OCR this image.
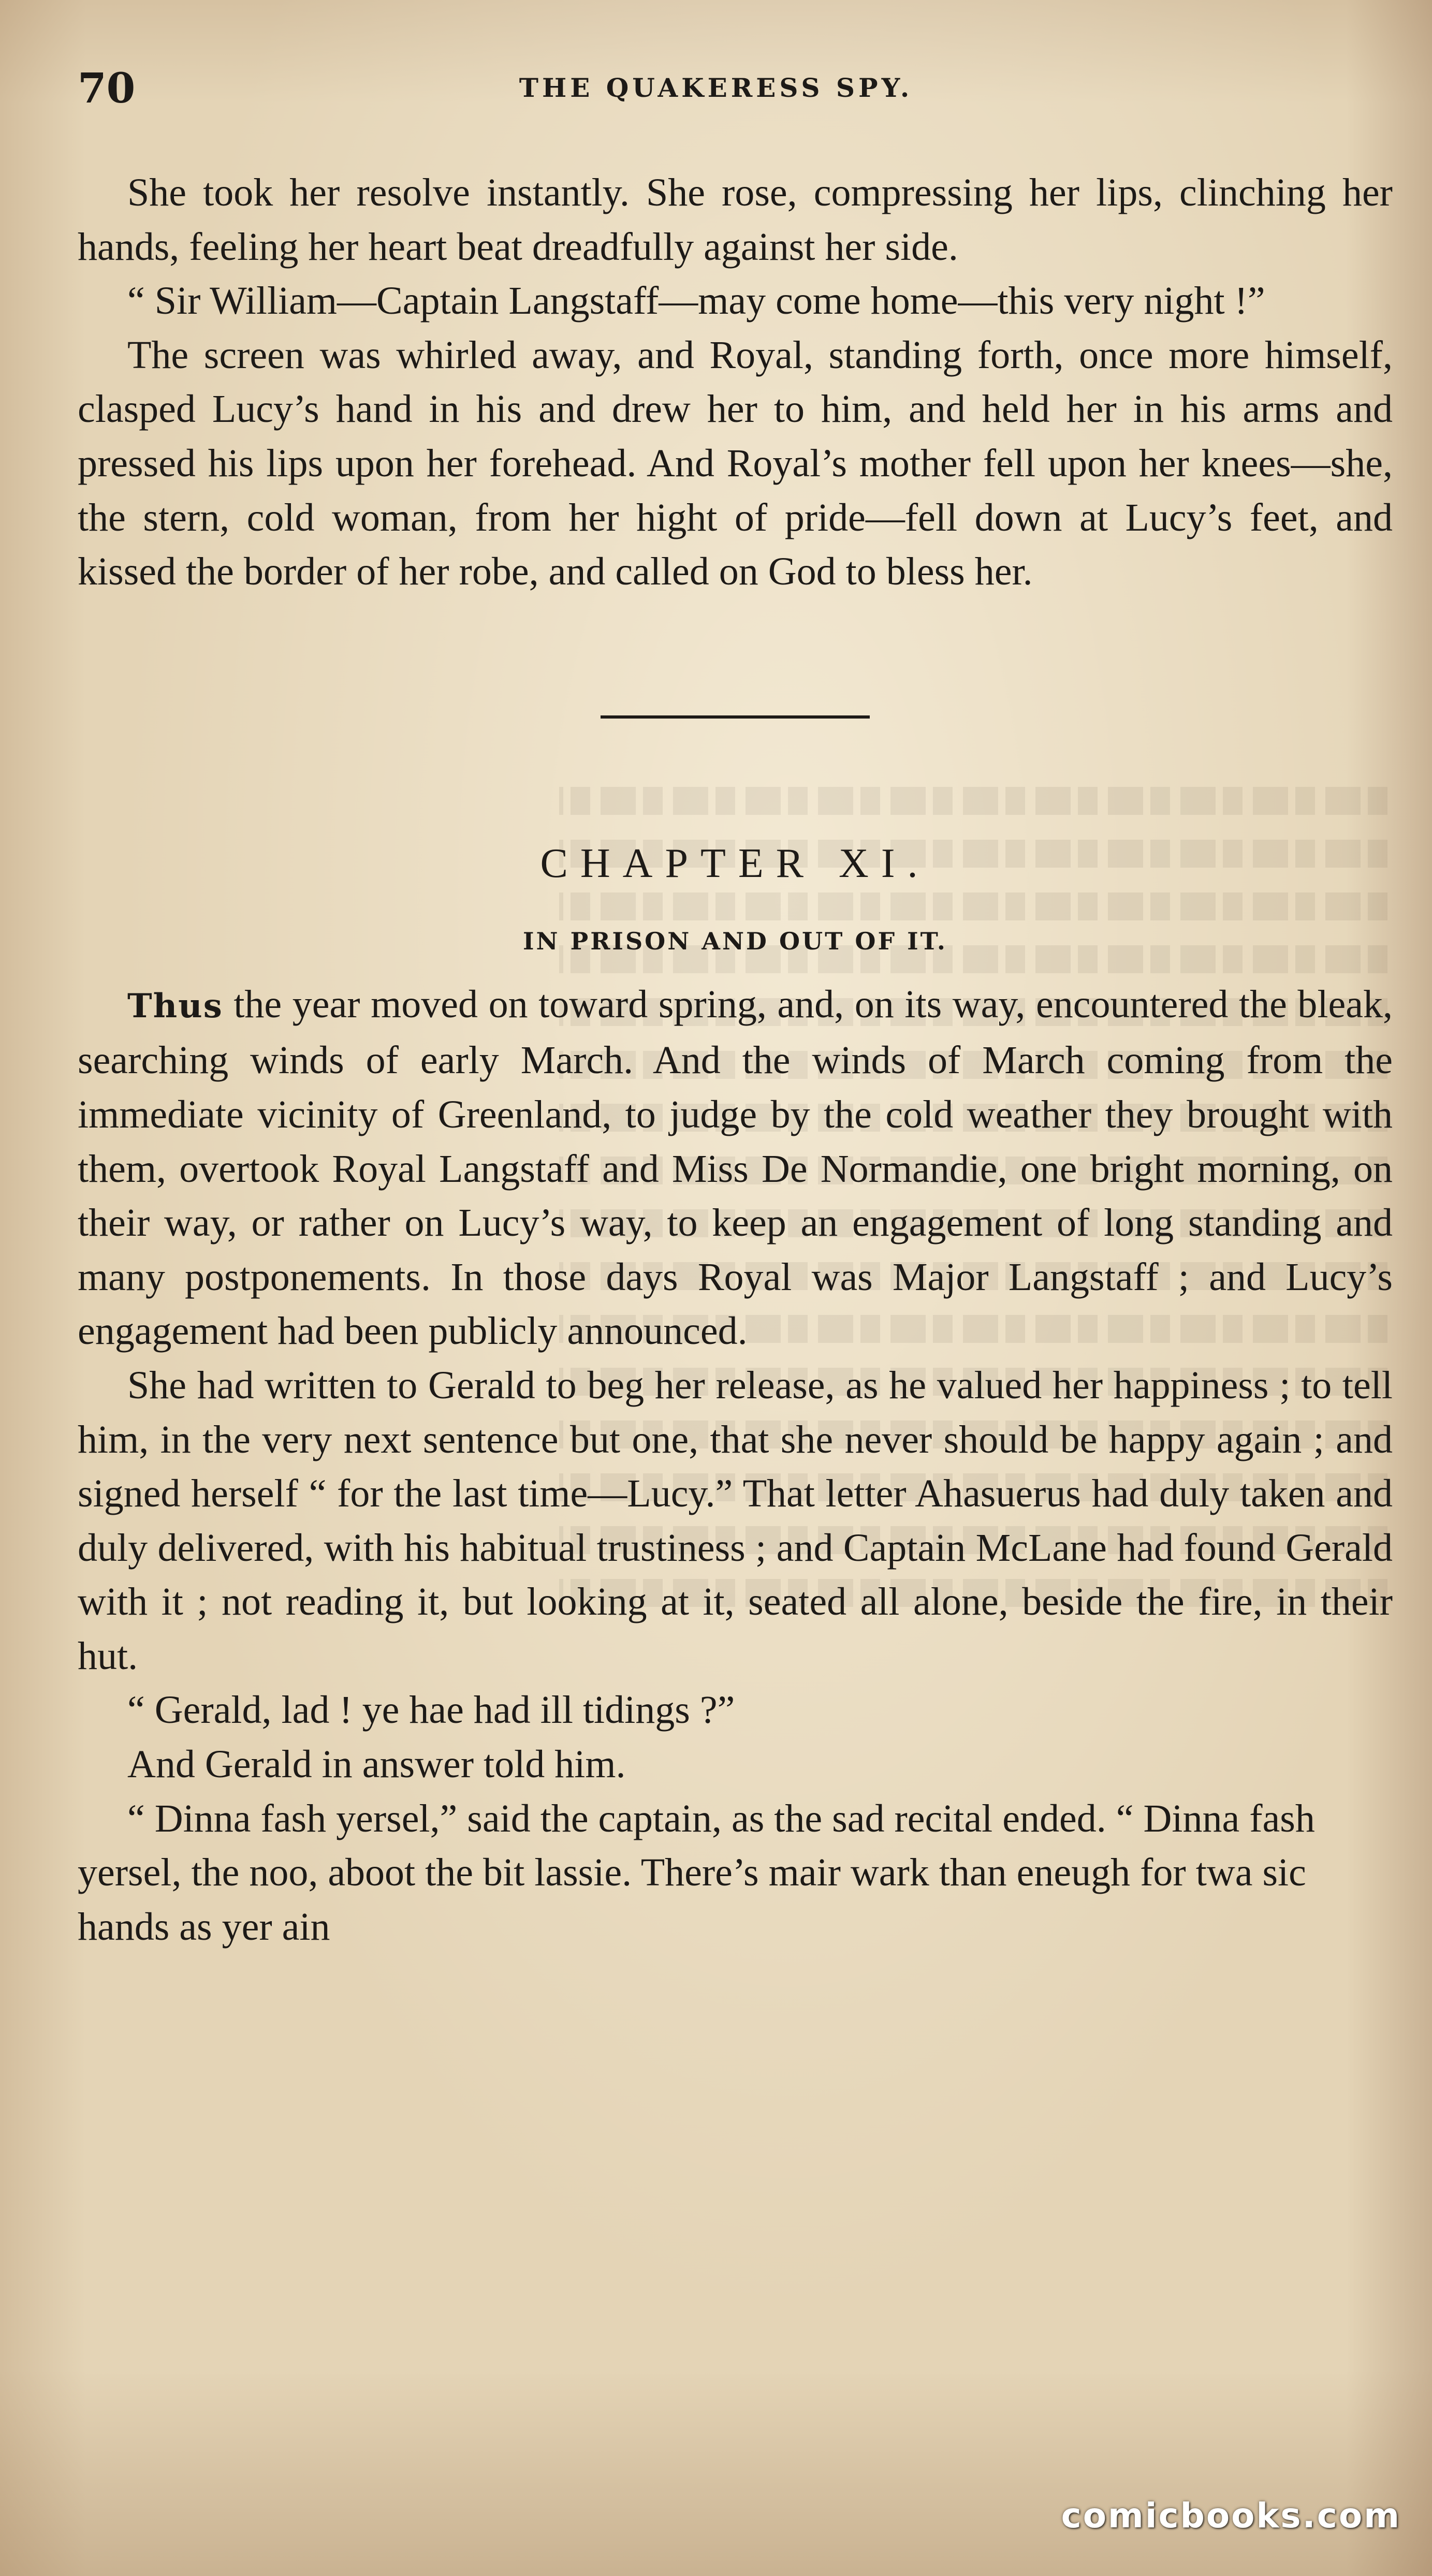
70	THE QUAKERESS SPY.

She took her resolve instantly. She rose, compressing her lips, clinching her hands, feeling her heart beat dreadfully against her side.

“ Sir William—Captain Langstaff—may come home—this very night !”

The screen was whirled away, and Royal, standing forth, once more himself, clasped Lucy’s hand in his and drew her to him, and held her in his arms and pressed his lips upon her forehead. And Royal’s mother fell upon her knees—she, the stern, cold woman, from her hight of pride—fell down at Lucy’s feet, and kissed the border of her robe, and called on God to bless her.

CHAPTER XI.
IN PRISON AND OUT OF IT.

Thus the year moved on toward spring, and, on its way, encountered the bleak, searching winds of early March. And the winds of March coming from the immediate vicinity of Greenland, to judge by the cold weather they brought with them, overtook Royal Langstaff and Miss De Normandie, one bright morning, on their way, or rather on Lucy’s way, to keep an engagement of long standing and many postponements. In those days Royal was Major Langstaff ; and Lucy’s engagement had been publicly announced.

She had written to Gerald to beg her release, as he valued her happiness ; to tell him, in the very next sentence but one, that she never should be happy again ; and signed herself “ for the last time—Lucy.” That letter Ahasuerus had duly taken and duly delivered, with his habitual trustiness ; and Captain McLane had found Gerald with it ; not reading it, but looking at it, seated all alone, beside the fire, in their hut.

“ Gerald, lad ! ye hae had ill tidings ?”

And Gerald in answer told him.

“ Dinna fash yersel,” said the captain, as the sad recital ended. “ Dinna fash yersel, the noo, aboot the bit lassie. There’s mair wark than eneugh for twa sic hands as yer ain

comicbooks.com
